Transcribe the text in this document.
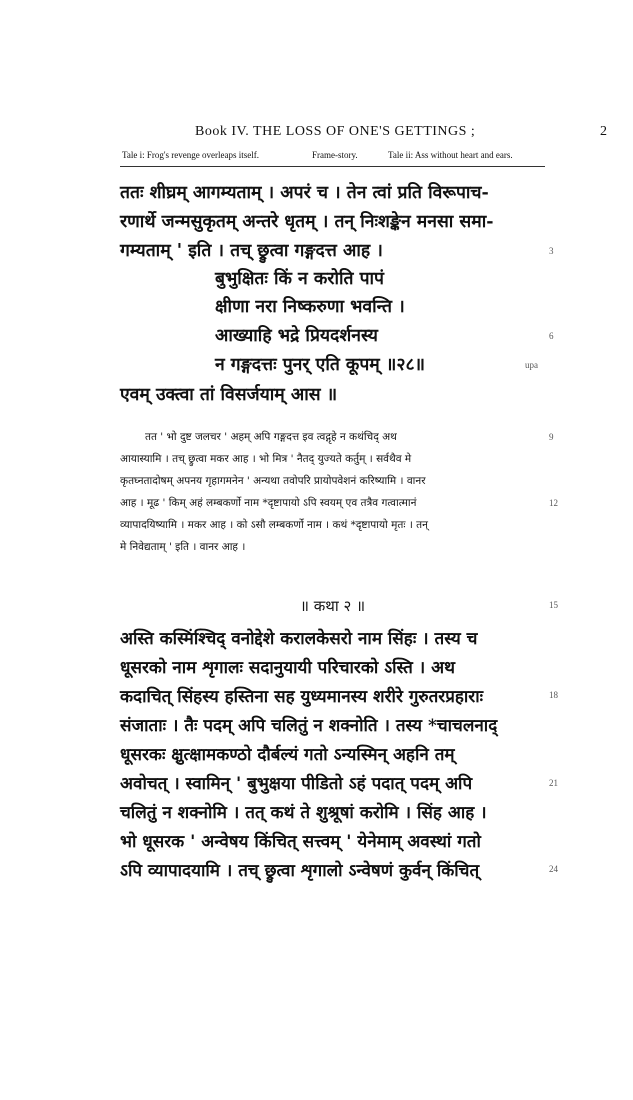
Book IV. THE LOSS OF ONE'S GETTINGS ;	2
Tale i: Frog's revenge overleaps itself.	Frame-story.	Tale ii: Ass without heart and ears.
ततः शीघ्रम् आगम्यताम् । अपरं च । तेन त्वां प्रति विरूपाच-
रणार्थे जन्मसुकृतम् अन्तरे धृतम् । तन् निःशङ्केन मनसा समा-
गम्यताम् ' इति । तच् छ्रुत्वा गङ्गदत्त आह ।	3
बुभुक्षितः किं न करोति पापं
क्षीणा नरा निष्करुणा भवन्ति ।
आख्याहि भद्रे प्रियदर्शनस्य	6
न गङ्गदत्तः पुनर् एति कूपम् ॥२८॥	upa
एवम् उक्त्वा तां विसर्जयाम् आस ॥
तत ' भो दुष्ट जलचर ' अहम् अपि गङ्गदत्त इव त्वद्गृहे न कथंचिद् अथ	9
आयास्यामि । तच् छ्रुत्वा मकर आह । भो मित्र ' नैतद् युज्यते कर्तुम् । सर्वथैव मे
कृतघ्नतादोषम् अपनय गृहागमनेन ' अन्यथा तवोपरि प्रायोपवेशनं करिष्यामि । वानर
आह । मूढ ' किम् अहं लम्बकर्णो नाम *दृष्टापायो ऽपि स्वयम् एव तत्रैव गत्वात्मानं	12
व्यापादयिष्यामि । मकर आह । को ऽसौ लम्बकर्णो नाम । कथं *दृष्टापायो मृतः । तन्
मे निवेद्यताम् ' इति । वानर आह ।
॥ कथा २ ॥	15
अस्ति कस्मिंश्चिद् वनोद्देशे करालकेसरो नाम सिंहः । तस्य च
धूसरको नाम शृगालः सदानुयायी परिचारको ऽस्ति । अथ
कदाचित् सिंहस्य हस्तिना सह युध्यमानस्य शरीरे गुरुतरप्रहाराः	18
संजाताः । तैः पदम् अपि चलितुं न शक्नोति । तस्य *चाचलनाद्
धूसरकः क्षुत्क्षामकण्ठो दौर्बल्यं गतो ऽन्यस्मिन् अहनि तम्
अवोचत् । स्वामिन् ' बुभुक्षया पीडितो ऽहं पदात् पदम् अपि	21
चलितुं न शक्नोमि । तत् कथं ते शुश्रूषां करोमि । सिंह आह ।
भो धूसरक ' अन्वेषय किंचित् सत्त्वम् ' येनेमाम् अवस्थां गतो
ऽपि व्यापादयामि । तच् छ्रुत्वा शृगालो ऽन्वेषणं कुर्वन् किंचित्	24
